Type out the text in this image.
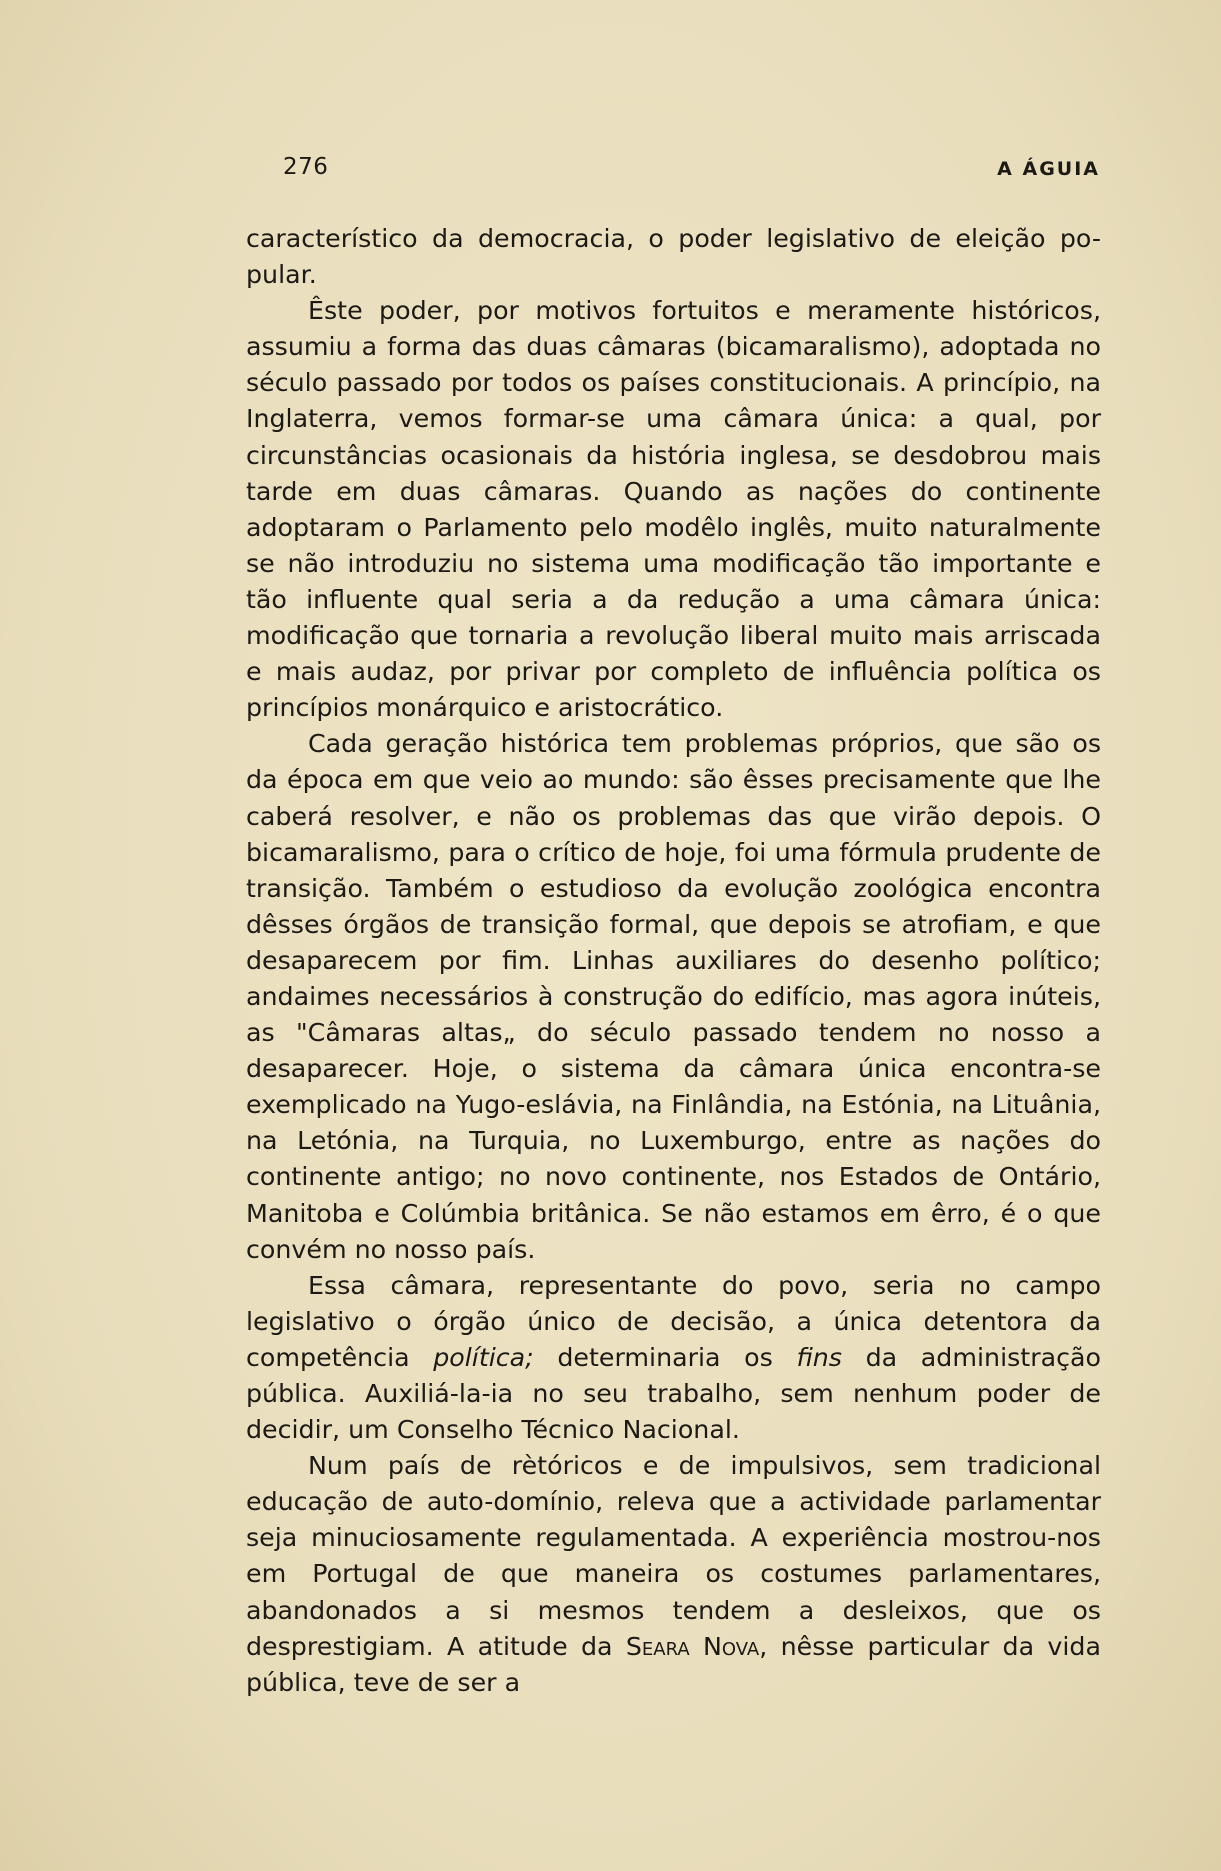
276	A ÁGUIA

característico da democracia, o poder legislativo de eleição po-pular.

Êste poder, por motivos fortuitos e meramente históricos, assumiu a forma das duas câmaras (bicamaralismo), adoptada no século passado por todos os países constitucionais. A princípio, na Inglaterra, vemos formar-se uma câmara única: a qual, por circunstâncias ocasionais da história inglesa, se desdobrou mais tarde em duas câmaras. Quando as nações do continente adoptaram o Parlamento pelo modêlo inglês, muito naturalmente se não introduziu no sistema uma modificação tão importante e tão influente qual seria a da redução a uma câmara única: modificação que tornaria a revolução liberal muito mais arriscada e mais audaz, por privar por completo de influência política os princípios monárquico e aristocrático.

Cada geração histórica tem problemas próprios, que são os da época em que veio ao mundo: são êsses precisamente que lhe caberá resolver, e não os problemas das que virão depois. O bicamaralismo, para o crítico de hoje, foi uma fórmula prudente de transição. Também o estudioso da evolução zoológica encontra dêsses órgãos de transição formal, que depois se atrofiam, e que desaparecem por fim. Linhas auxiliares do desenho político; andaimes necessários à construção do edifício, mas agora inúteis, as "Câmaras altas„ do século passado tendem no nosso a desaparecer. Hoje, o sistema da câmara única encontra-se exemplicado na Yugo-eslávia, na Finlândia, na Estónia, na Lituânia, na Letónia, na Turquia, no Luxemburgo, entre as nações do continente antigo; no novo continente, nos Estados de Ontário, Manitoba e Colúmbia britânica. Se não estamos em êrro, é o que convém no nosso país.

Essa câmara, representante do povo, seria no campo legislativo o órgão único de decisão, a única detentora da competência política; determinaria os fins da administração pública. Auxiliá-la-ia no seu trabalho, sem nenhum poder de decidir, um Conselho Técnico Nacional.

Num país de rètóricos e de impulsivos, sem tradicional educação de auto-domínio, releva que a actividade parlamentar seja minuciosamente regulamentada. A experiência mostrou-nos em Portugal de que maneira os costumes parlamentares, abandonados a si mesmos tendem a desleixos, que os desprestigiam. A atitude da Seara Nova, nêsse particular da vida pública, teve de ser a
